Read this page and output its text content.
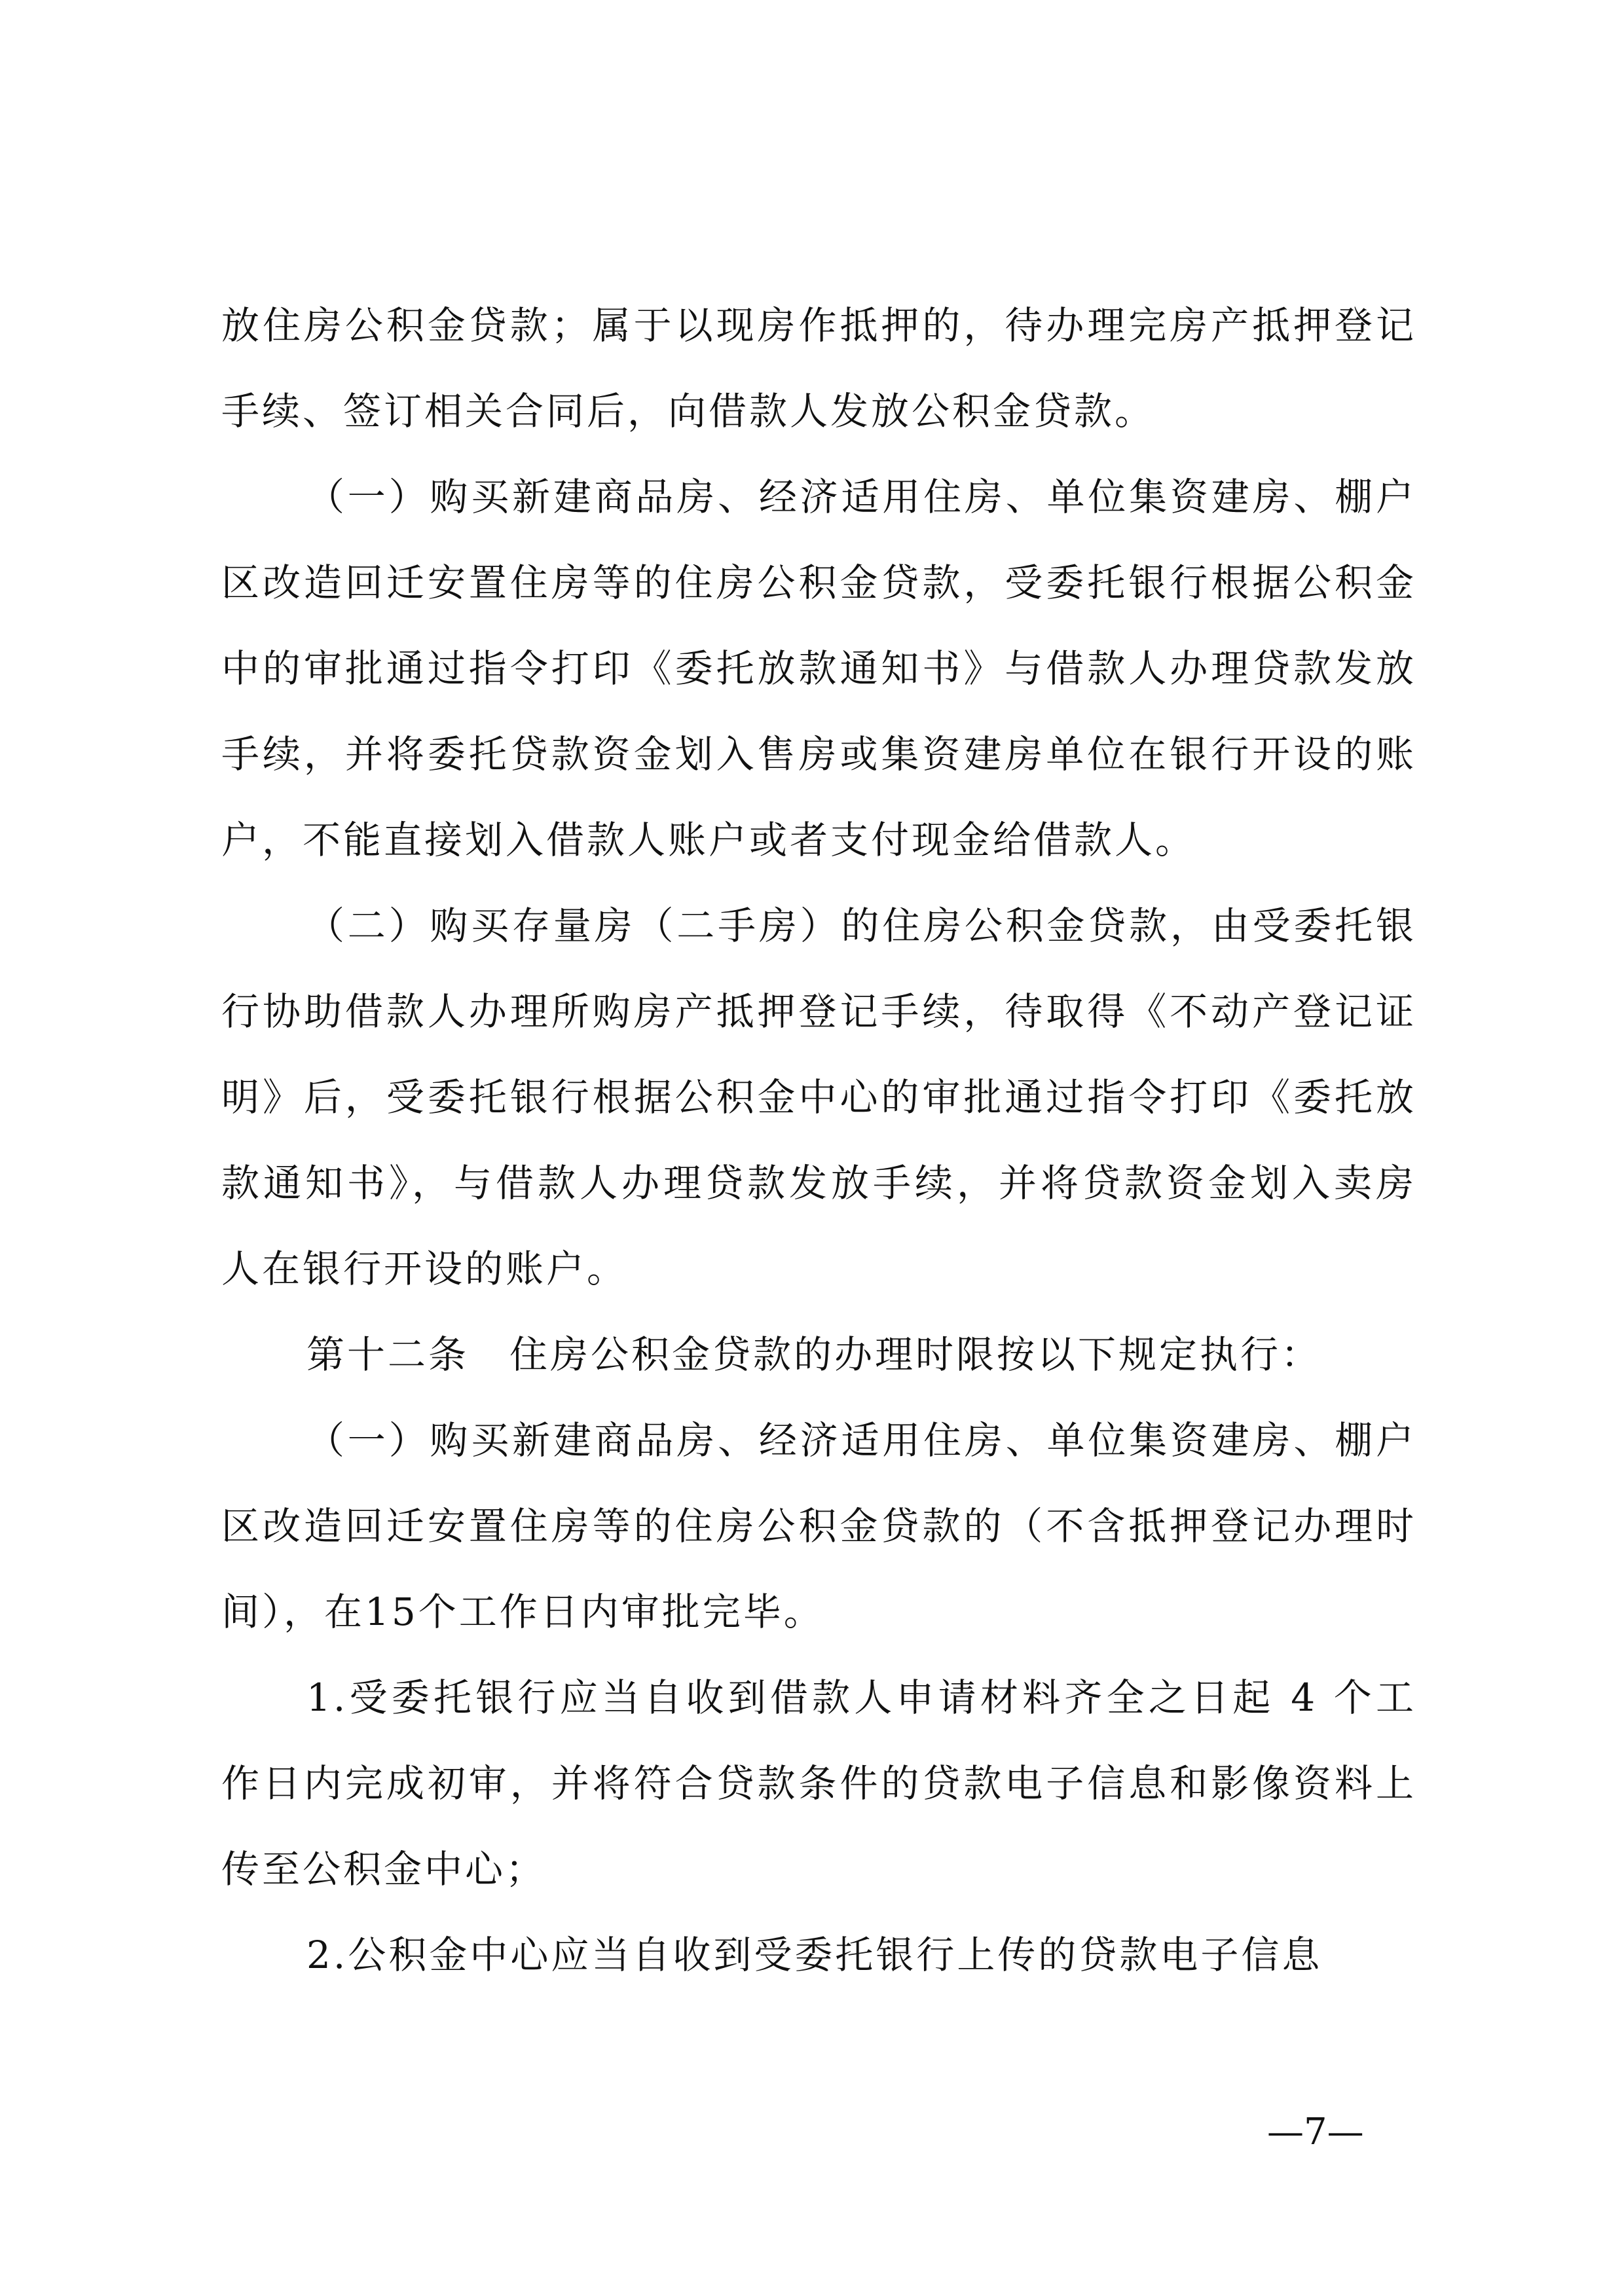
放住房公积金贷款；属于以现房作抵押的，待办理完房产抵押登记手续、签订相关合同后，向借款人发放公积金贷款。

（一）购买新建商品房、经济适用住房、单位集资建房、棚户区改造回迁安置住房等的住房公积金贷款，受委托银行根据公积金中的审批通过指令打印《委托放款通知书》与借款人办理贷款发放手续，并将委托贷款资金划入售房或集资建房单位在银行开设的账户，不能直接划入借款人账户或者支付现金给借款人。

（二）购买存量房（二手房）的住房公积金贷款，由受委托银行协助借款人办理所购房产抵押登记手续，待取得《不动产登记证明》后，受委托银行根据公积金中心的审批通过指令打印《委托放款通知书》，与借款人办理贷款发放手续，并将贷款资金划入卖房人在银行开设的账户。

第十二条　住房公积金贷款的办理时限按以下规定执行：

（一）购买新建商品房、经济适用住房、单位集资建房、棚户区改造回迁安置住房等的住房公积金贷款的（不含抵押登记办理时间），在15个工作日内审批完毕。

1.受委托银行应当自收到借款人申请材料齐全之日起 4 个工作日内完成初审，并将符合贷款条件的贷款电子信息和影像资料上传至公积金中心；

2.公积金中心应当自收到受委托银行上传的贷款电子信息

—7—
